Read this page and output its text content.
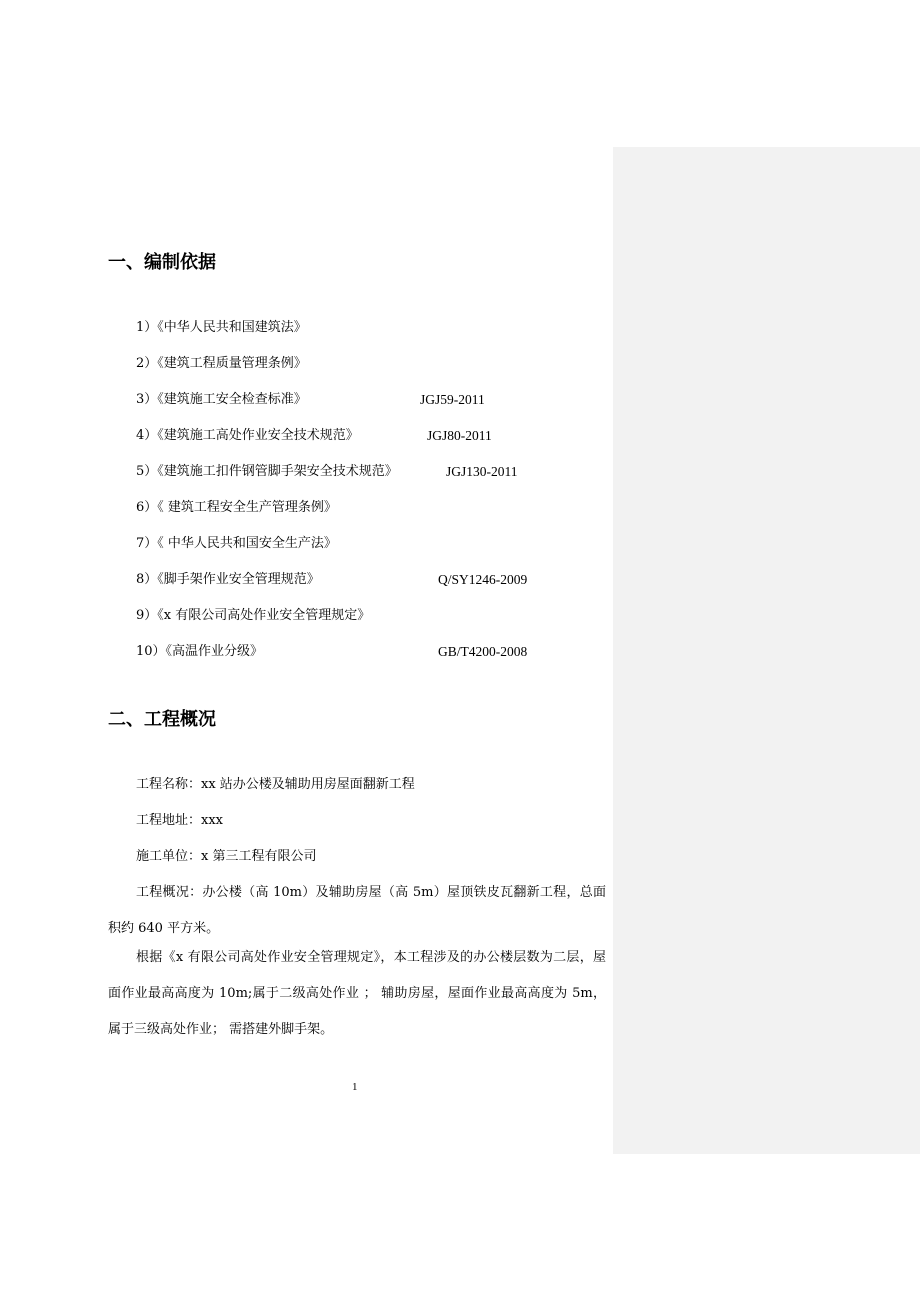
一、编制依据
1）《中华人民共和国建筑法》
2）《建筑工程质量管理条例》
3）《建筑施工安全检查标准》	JGJ59-2011
4）《建筑施工高处作业安全技术规范》	JGJ80-2011
5）《建筑施工扣件钢管脚手架安全技术规范》	JGJ130-2011
6）《 建筑工程安全生产管理条例》
7）《 中华人民共和国安全生产法》
8）《脚手架作业安全管理规范》	Q/SY1246-2009
9）《x 有限公司高处作业安全管理规定》
10）《高温作业分级》	GB/T4200-2008
二、工程概况
工程名称：xx 站办公楼及辅助用房屋面翻新工程
工程地址：xxx
施工单位：x 第三工程有限公司
工程概况：办公楼（高 10m）及辅助房屋（高 5m）屋顶铁皮瓦翻新工程，总面积约 640 平方米。
根据《x 有限公司高处作业安全管理规定》，本工程涉及的办公楼层数为二层，屋面作业最高高度为 10m;属于二级高处作业 ； 辅助房屋，屋面作业最高高度为 5m，属于三级高处作业； 需搭建外脚手架。
1
